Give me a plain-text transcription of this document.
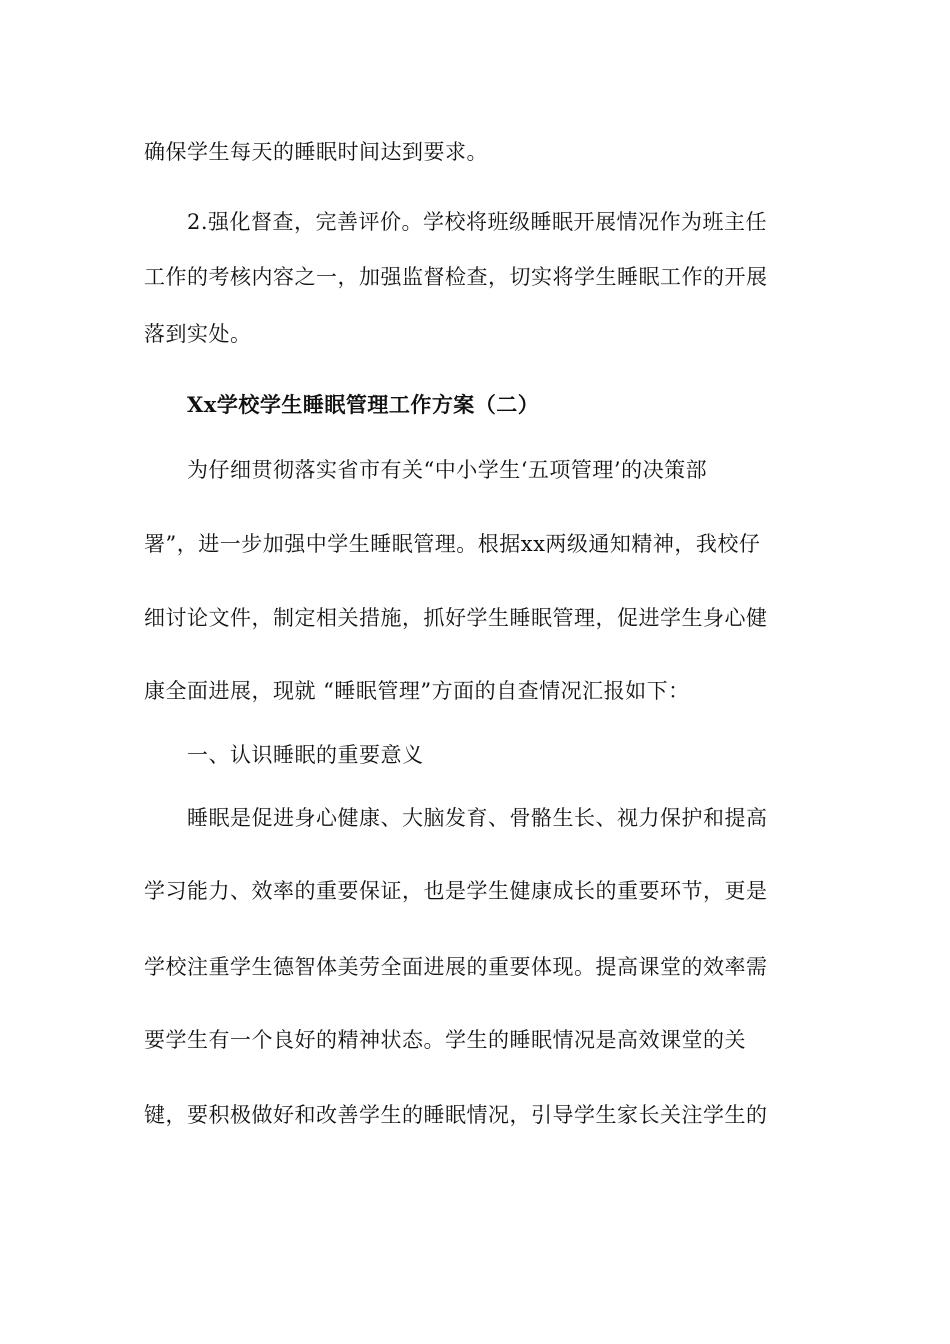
确保学生每天的睡眠时间达到要求。

2.强化督查，完善评价。学校将班级睡眠开展情况作为班主任

工作的考核内容之一，加强监督检查，切实将学生睡眠工作的开展

落到实处。

Xx学校学生睡眠管理工作方案（二）

为仔细贯彻落实省市有关“中小学生‘五项管理’的决策部

署”，进一步加强中学生睡眠管理。根据xx两级通知精神，我校仔

细讨论文件，制定相关措施，抓好学生睡眠管理，促进学生身心健

康全面进展，现就 “睡眠管理”方面的自查情况汇报如下：

一、认识睡眠的重要意义

睡眠是促进身心健康、大脑发育、骨骼生长、视力保护和提高

学习能力、效率的重要保证，也是学生健康成长的重要环节，更是

学校注重学生德智体美劳全面进展的重要体现。提高课堂的效率需

要学生有一个良好的精神状态。学生的睡眠情况是高效课堂的关

键，要积极做好和改善学生的睡眠情况，引导学生家长关注学生的
